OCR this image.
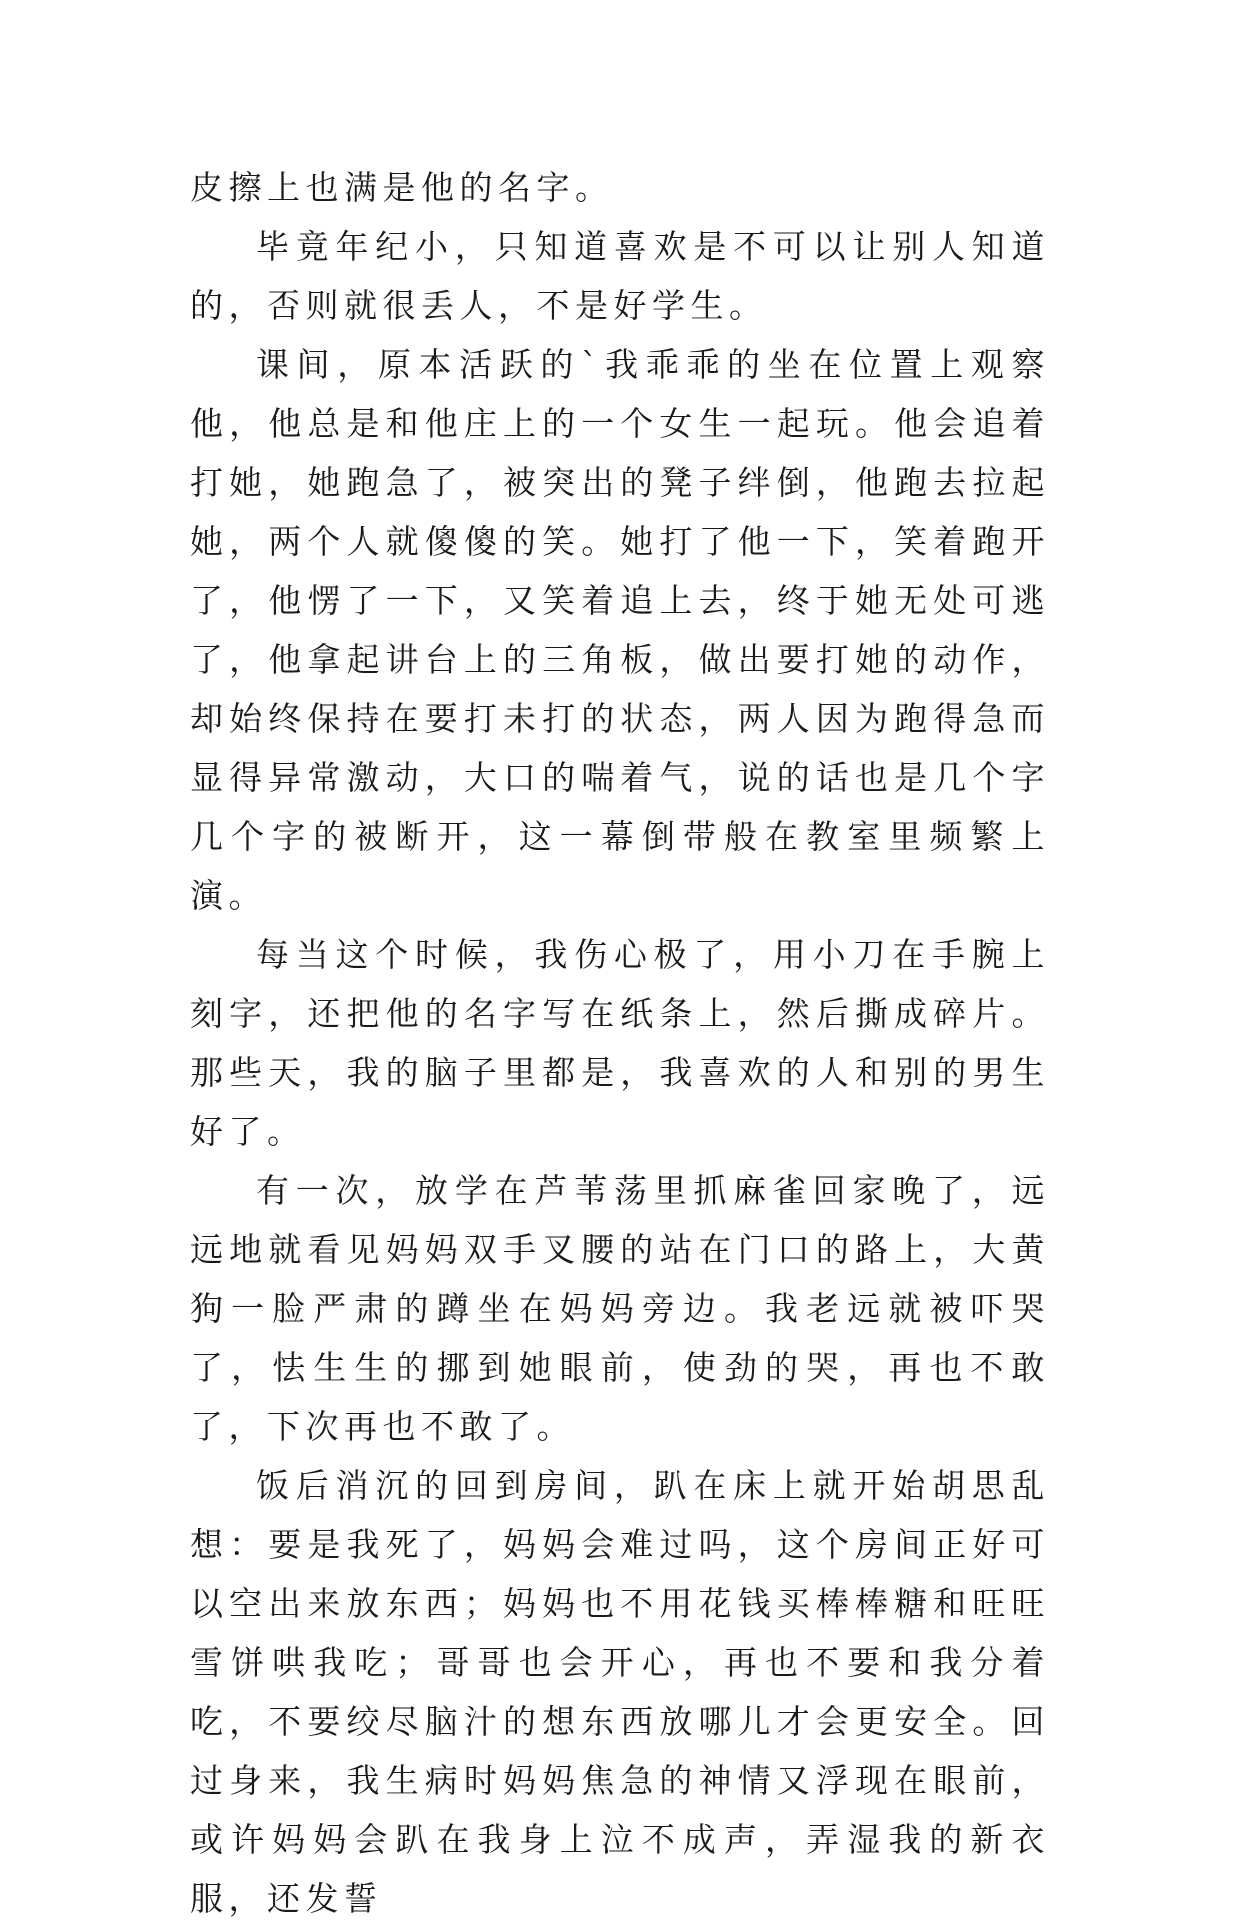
皮擦上也满是他的名字。

毕竟年纪小，只知道喜欢是不可以让别人知道的，否则就很丢人，不是好学生。

课间，原本活跃的`我乖乖的坐在位置上观察他，他总是和他庄上的一个女生一起玩。他会追着打她，她跑急了，被突出的凳子绊倒，他跑去拉起她，两个人就傻傻的笑。她打了他一下，笑着跑开了，他愣了一下，又笑着追上去，终于她无处可逃了，他拿起讲台上的三角板，做出要打她的动作，却始终保持在要打未打的状态，两人因为跑得急而显得异常激动，大口的喘着气，说的话也是几个字几个字的被断开，这一幕倒带般在教室里频繁上演。

每当这个时候，我伤心极了，用小刀在手腕上刻字，还把他的名字写在纸条上，然后撕成碎片。那些天，我的脑子里都是，我喜欢的人和别的男生好了。

有一次，放学在芦苇荡里抓麻雀回家晚了，远远地就看见妈妈双手叉腰的站在门口的路上，大黄狗一脸严肃的蹲坐在妈妈旁边。我老远就被吓哭了，怯生生的挪到她眼前，使劲的哭，再也不敢了，下次再也不敢了。

饭后消沉的回到房间，趴在床上就开始胡思乱想：要是我死了，妈妈会难过吗，这个房间正好可以空出来放东西；妈妈也不用花钱买棒棒糖和旺旺雪饼哄我吃；哥哥也会开心，再也不要和我分着吃，不要绞尽脑汁的想东西放哪儿才会更安全。回过身来，我生病时妈妈焦急的神情又浮现在眼前，或许妈妈会趴在我身上泣不成声，弄湿我的新衣服，还发誓
